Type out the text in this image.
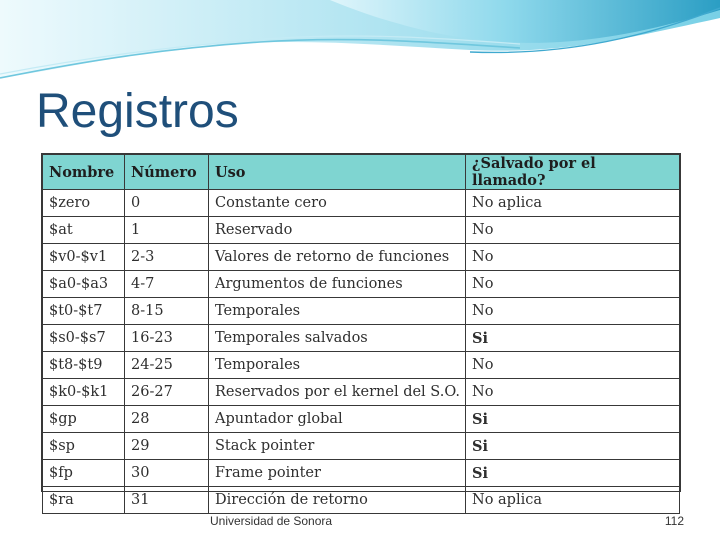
Registros
Nombre	Número	Uso	¿Salvado por el llamado?
$zero	0	Constante cero	No aplica
$at	1	Reservado	No
$v0-$v1	2-3	Valores de retorno de funciones	No
$a0-$a3	4-7	Argumentos de funciones	No
$t0-$t7	8-15	Temporales	No
$s0-$s7	16-23	Temporales salvados	Si
$t8-$t9	24-25	Temporales	No
$k0-$k1	26-27	Reservados por el kernel del S.O.	No
$gp	28	Apuntador global	Si
$sp	29	Stack pointer	Si
$fp	30	Frame pointer	Si
$ra	31	Dirección de retorno	No aplica
Universidad de Sonora	112
